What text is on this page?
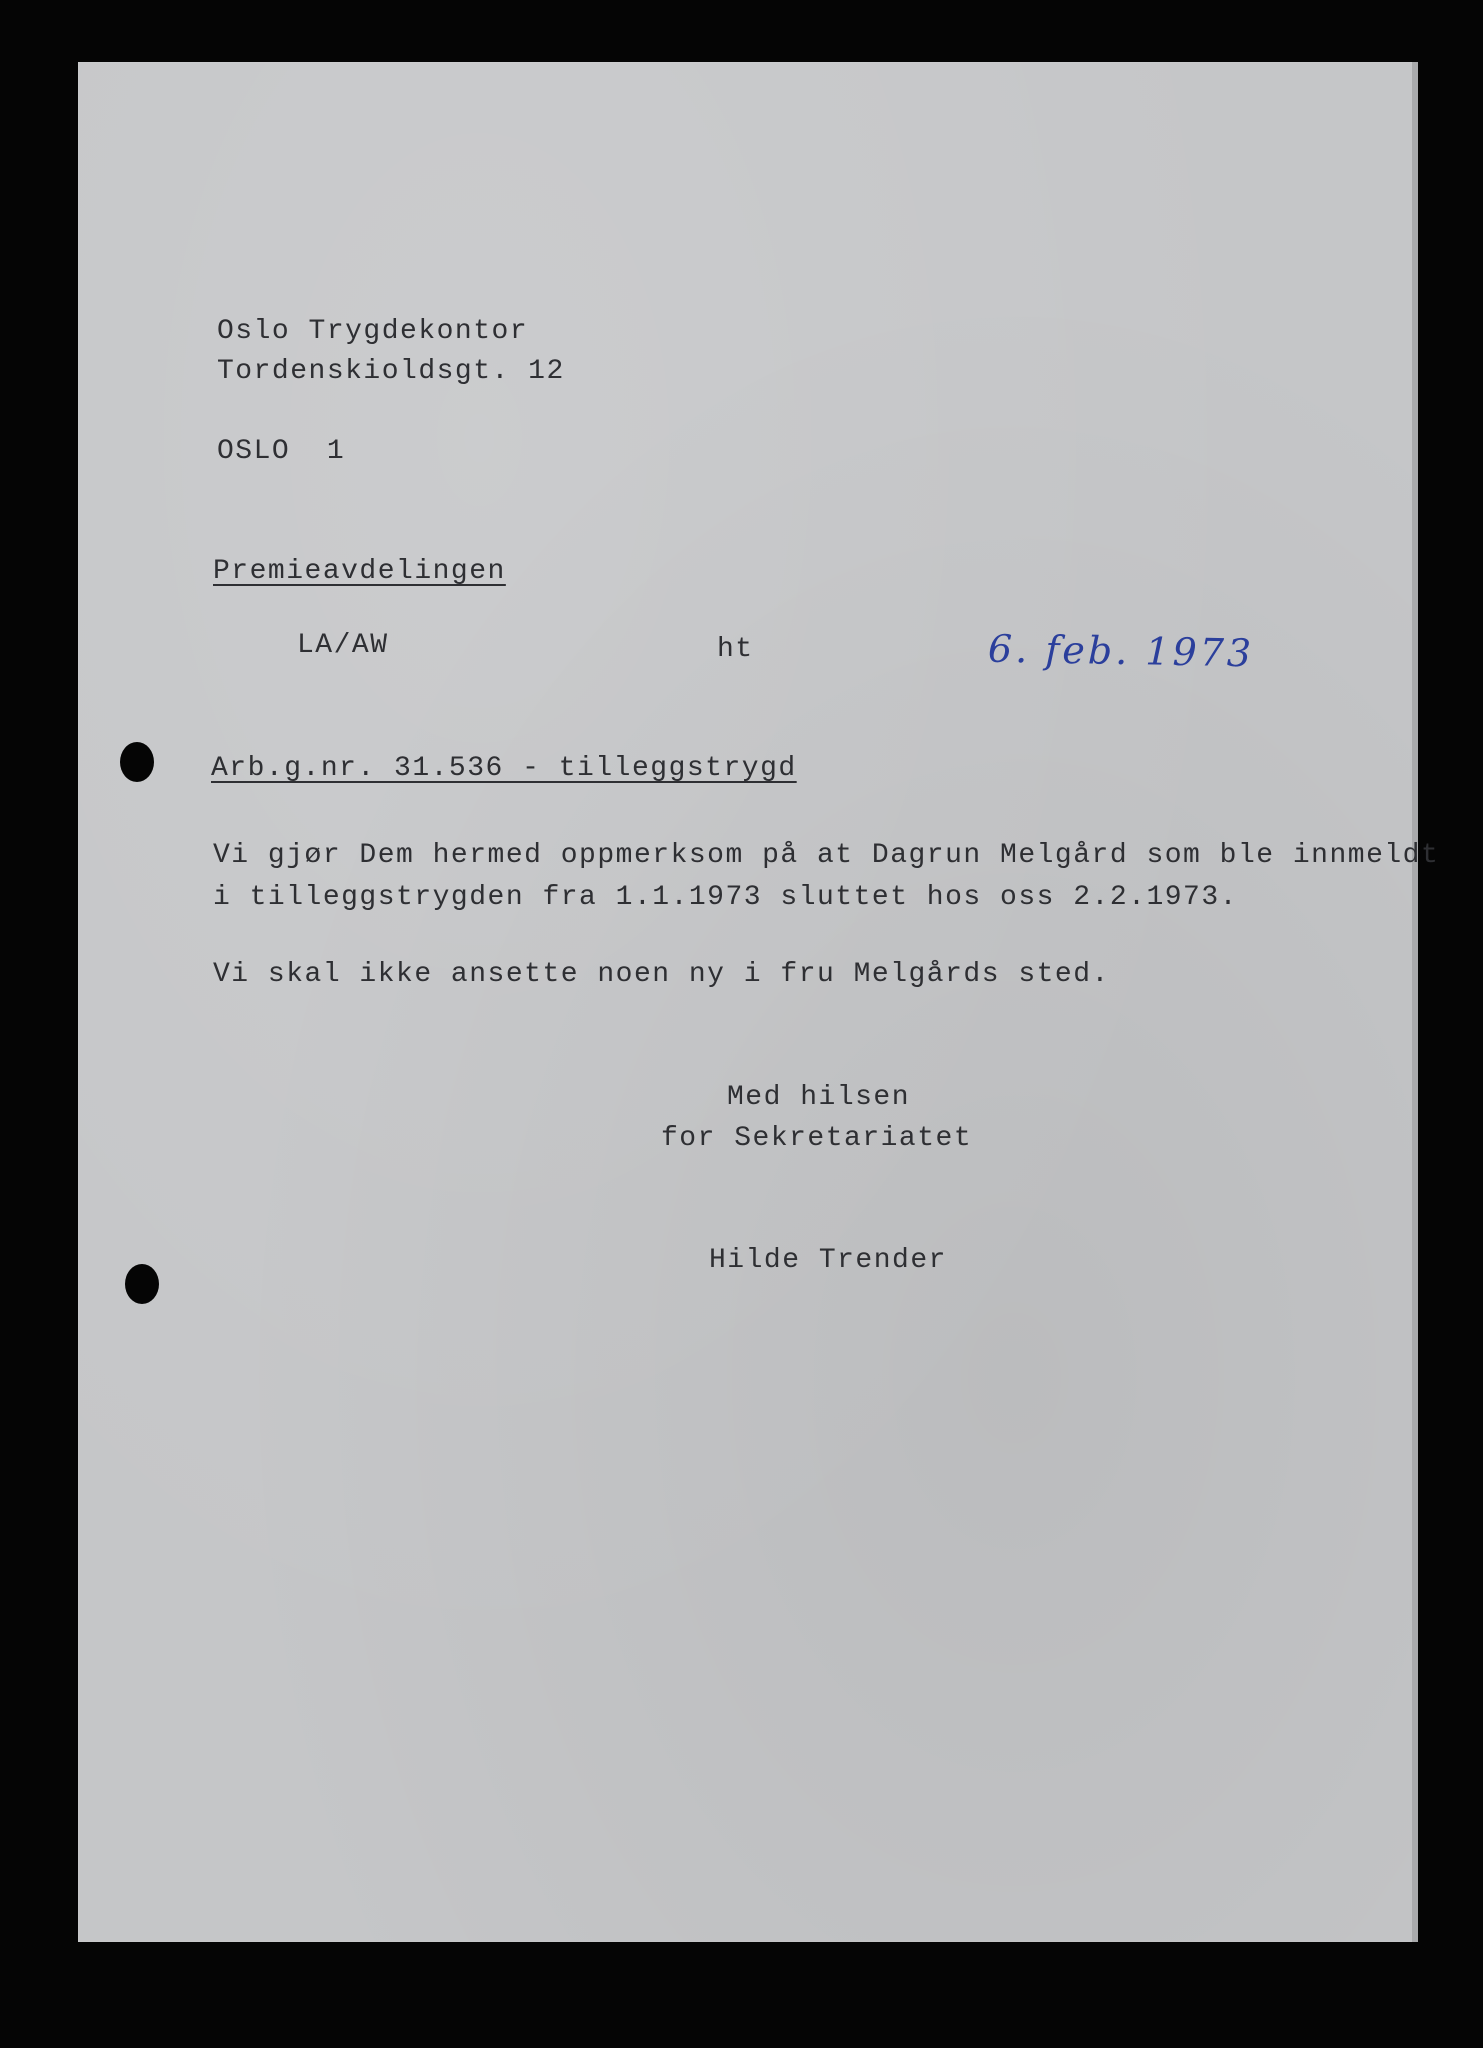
Oslo Trygdekontor
Tordenskioldsgt. 12
OSLO  1
Premieavdelingen
LA/AW	ht	6. feb. 1973
Arb.g.nr. 31.536 - tilleggstrygd
Vi gjør Dem hermed oppmerksom på at Dagrun Melgård som ble innmeldt
i tilleggstrygden fra 1.1.1973 sluttet hos oss 2.2.1973.
Vi skal ikke ansette noen ny i fru Melgårds sted.
Med hilsen
for Sekretariatet
Hilde Trender
